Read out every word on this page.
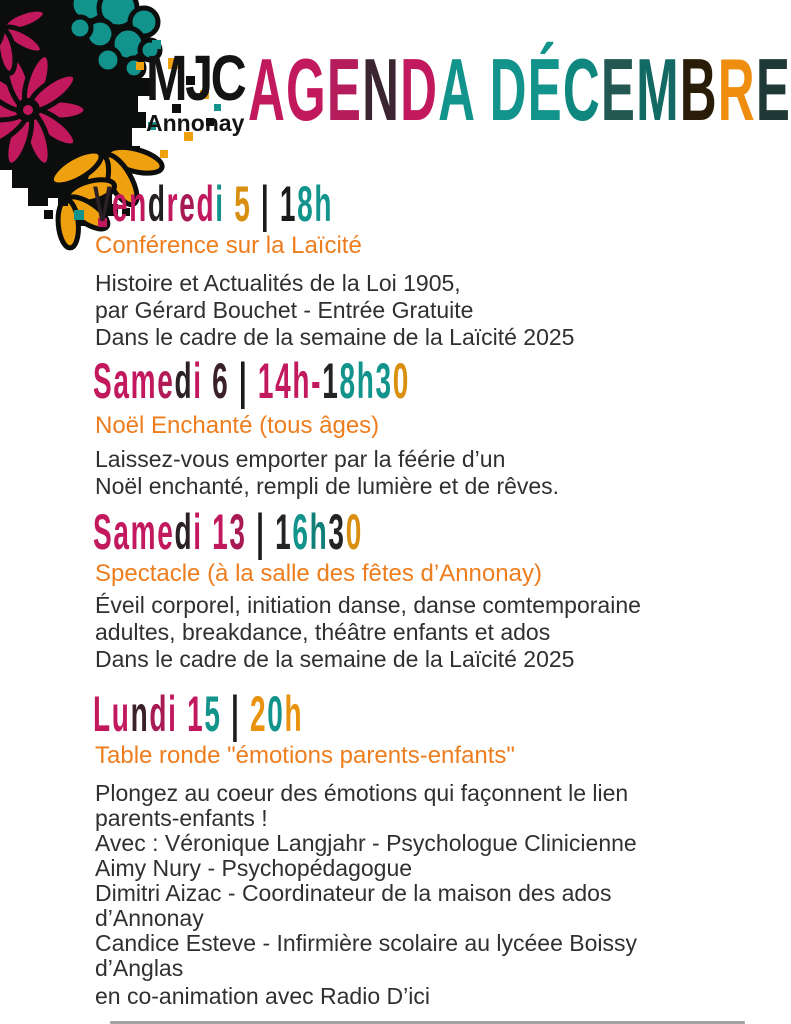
MJC
Annonay AGENDA DÉCEMBRE
Vendredi 5 | 18h
Conférence sur la Laïcité
Histoire et Actualités de la Loi 1905,
par Gérard Bouchet - Entrée Gratuite
Dans le cadre de la semaine de la Laïcité 2025
Samedi 6 | 14h-18h30
Noël Enchanté (tous âges)
Laissez-vous emporter par la féérie d’un
Noël enchanté, rempli de lumière et de rêves.
Samedi 13 | 16h30
Spectacle (à la salle des fêtes d’Annonay)
Éveil corporel, initiation danse, danse comtemporaine
adultes, breakdance, théâtre enfants et ados
Dans le cadre de la semaine de la Laïcité 2025
Lundi 15 | 20h
Table ronde "émotions parents-enfants"
Plongez au coeur des émotions qui façonnent le lien
parents-enfants !
Avec : Véronique Langjahr - Psychologue Clinicienne
Aimy Nury - Psychopédagogue
Dimitri Aizac - Coordinateur de la maison des ados
d’Annonay
Candice Esteve - Infirmière scolaire au lycéee Boissy
d’Anglas
en co-animation avec Radio D’ici
